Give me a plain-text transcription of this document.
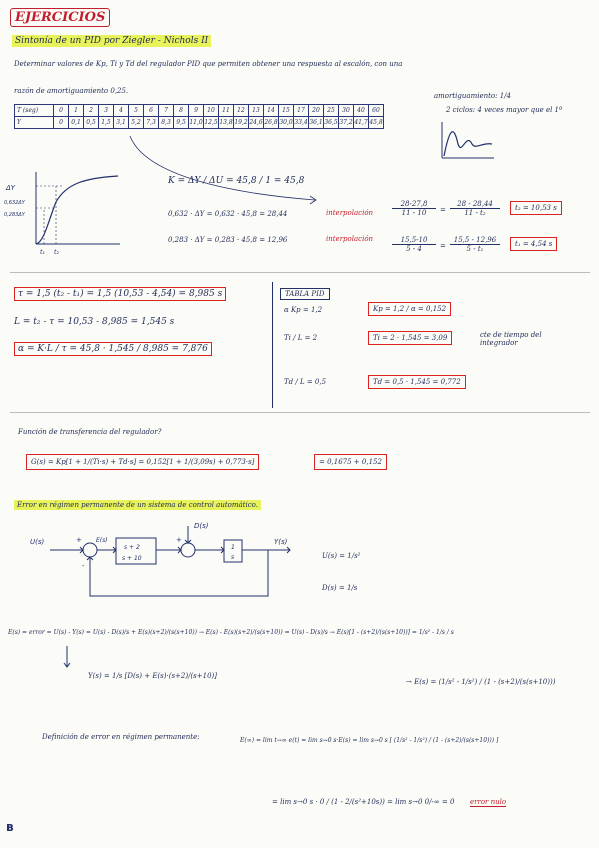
EJERCICIOS
Sintonía de un PID por Ziegler - Nichols II
Determinar valores de Kp, Ti y Td del regulador PID que permiten obtener una respuesta al escalón, con una
razón de amortiguamiento 0,25.
T (seg)	0	1	2	3	4	5	6	7	8	9	10	11	12	13	14	15	17	20	25	30	40	60
Y	0	0,1	0,5	1,5	3,1	5,2	7,3	8,3	9,5	11,0	12,5	13,8	19,2	24,6	26,8	30,0	33,4	36,1	36,5	37,2	41,7	45,8
amortiguamiento: 1/4
2 ciclos: 4 veces mayor que el 1º
ΔY
0,632ΔY
0,283ΔY
t₁ t₂
K = ΔY / ΔU = 45,8 / 1 = 45,8
0,632 · ΔY = 0,632 · 45,8 = 28,44
0,283 · ΔY = 0,283 · 45,8 = 12,96
interpolación
interpolación
28-27,8
11 - 10	=
28 - 28,44
11 - t₂
t₂ = 10,53 s
15,5-10
5 - 4	=
15,5 - 12,96
5 - t₁
t₁ = 4,54 s
τ = 1,5 (t₂ - t₁) = 1,5 (10,53 - 4,54) = 8,985 s
L = t₂ - τ = 10,53 - 8,985 = 1,545 s
α = K·L / τ = 45,8 · 1,545 / 8,985 = 7,876
TABLA PID
α Kp = 1,2	Kp = 1,2 / α = 0,152
Ti / L = 2	Ti = 2 · 1,545 = 3,09	cte de tiempo del integrador
Td / L = 0,5	Td = 0,5 · 1,545 = 0,772
Función de transferencia del regulador?
G(s) = Kp[1 + 1/(Ti·s) + Td·s] = 0,152[1 + 1/(3,09s) + 0,773·s]	= 0,1675 + 0,152
Error en régimen permanente de un sistema de control automático.
U(s)	E(s)
D(s)
Y(s)
s + 2
s + 10
1
s
+
-
+
U(s) = 1/s²
D(s) = 1/s
E(s) = error = U(s) - Y(s) = U(s) - D(s)/s + E(s)(s+2)/(s(s+10)) → E(s) - E(s)(s+2)/(s(s+10)) = U(s) - D(s)/s → E(s)[1 - (s+2)/(s(s+10))] = 1/s² - 1/s / s
Y(s) = 1/s [D(s) + E(s)·(s+2)/(s+10)]
→ E(s) = (1/s² - 1/s²) / (1 - (s+2)/(s(s+10)))
Definición de error en régimen permanente:	E(∞) = lim t→∞ e(t) = lim s→0 s·E(s) = lim s→0 s [ (1/s² - 1/s²) / (1 - (s+2)/(s(s+10))) ]
= lim s→0 s · 0 / (1 - 2/(s²+10s)) = lim s→0 0/-∞ = 0 error nulo
ʙ
